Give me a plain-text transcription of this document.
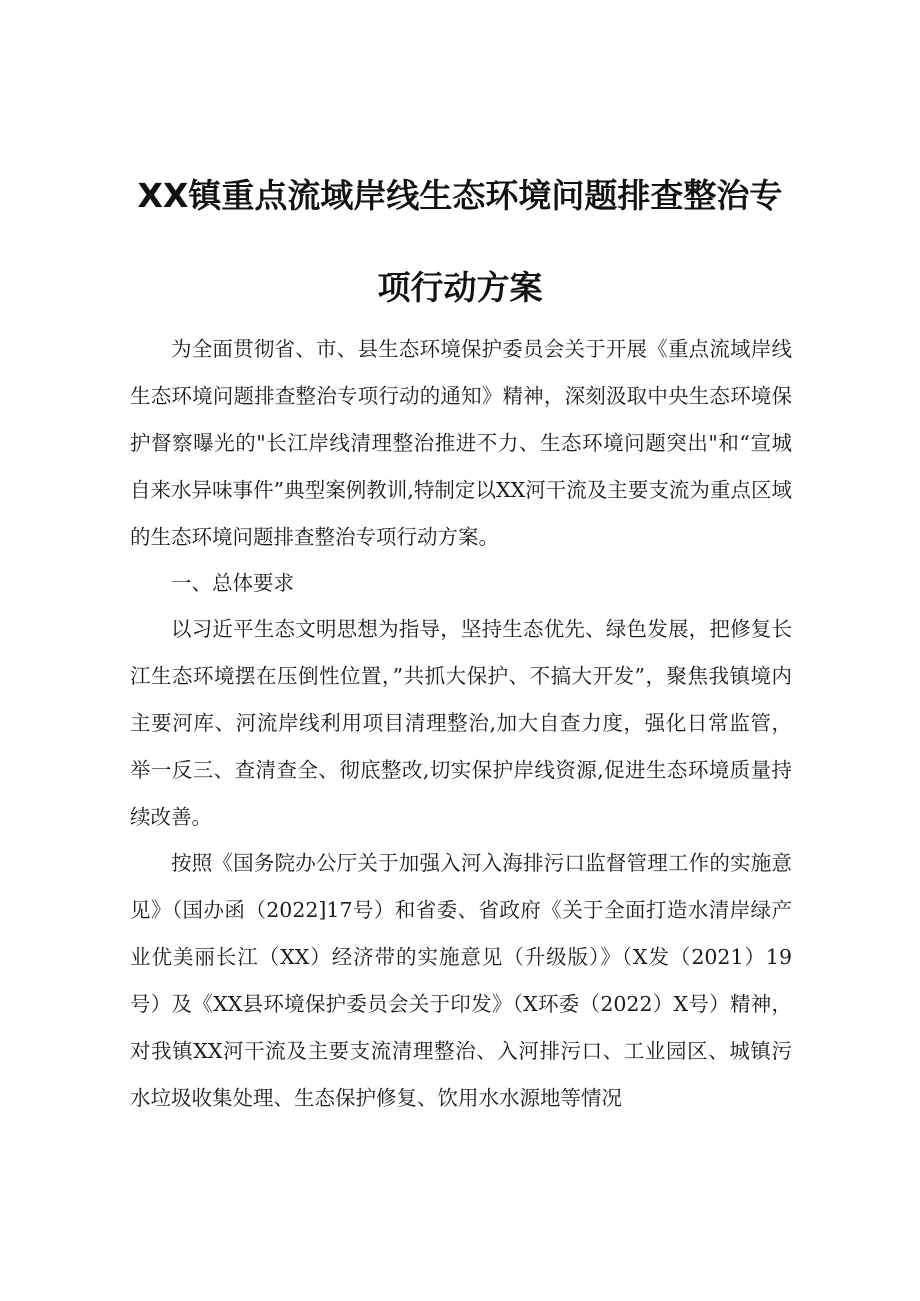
XX镇重点流域岸线生态环境问题排查整治专
项行动方案

为全面贯彻省、市、县生态环境保护委员会关于开展《重点流域岸线生态环境问题排查整治专项行动的通知》精神，深刻汲取中央生态环境保护督察曝光的"长江岸线清理整治推进不力、生态环境问题突出"和“宣城自来水异味事件”典型案例教训,特制定以XX河干流及主要支流为重点区域的生态环境问题排查整治专项行动方案。

一、总体要求

以习近平生态文明思想为指导，坚持生态优先、绿色发展，把修复长江生态环境摆在压倒性位置，”共抓大保护、不搞大开发”，聚焦我镇境内主要河库、河流岸线利用项目清理整治,加大自查力度，强化日常监管，举一反三、查清查全、彻底整改,切实保护岸线资源,促进生态环境质量持续改善。

按照《国务院办公厅关于加强入河入海排污口监督管理工作的实施意见》（国办函（2022]17号）和省委、省政府《关于全面打造水清岸绿产业优美丽长江（XX）经济带的实施意见（升级版）》（X发（2021）19号）及《XX县环境保护委员会关于印发》（X环委（2022）X号）精神，对我镇XX河干流及主要支流清理整治、入河排污口、工业园区、城镇污水垃圾收集处理、生态保护修复、饮用水水源地等情况
